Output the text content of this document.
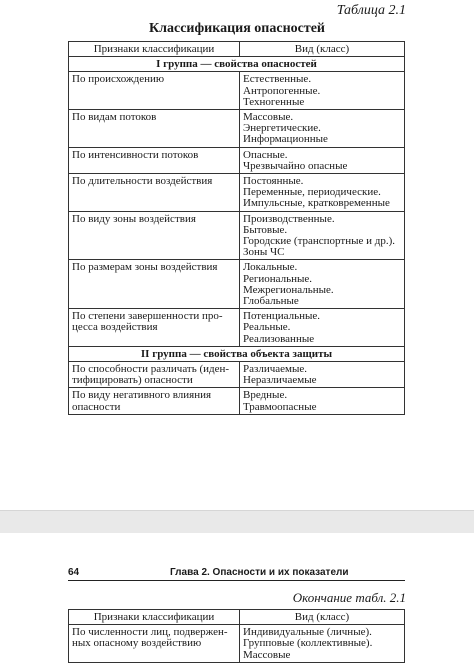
Таблица 2.1
Классификация опасностей
Признаки классификации	Вид (класс)
I группа — свойства опасностей	

По происхождению	Естественные.
Антропогенные.
Техногенные

По видам потоков	Массовые.
Энергетические.
Информационные

По интенсивности потоков	Опасные.
Чрезвычайно опасные

По длительности воздействия	Постоянные.
Переменные, периодические.
Импульсные, кратковременные

По виду зоны воздействия	Производственные.
Бытовые.
Городские (транспортные и др.).
Зоны ЧС

По размерам зоны воздействия	Локальные.
Региональные.
Межрегиональные.
Глобальные

По степени завершенности про-
цесса воздействия	Потенциальные.
Реальные.
Реализованные

II группа — свойства объекта защиты	

По способности различать (иден-
тифицировать) опасности	Различаемые.
Неразличаемые

По виду негативного влияния
опасности	Вредные.
Травмоопасные
64	Глава 2. Опасности и их показатели
Окончание табл. 2.1
Признаки классификации	Вид (класс)

По численности лиц, подвержен-
ных опасному воздействию	Индивидуальные (личные).
Групповые (коллективные).
Массовые
